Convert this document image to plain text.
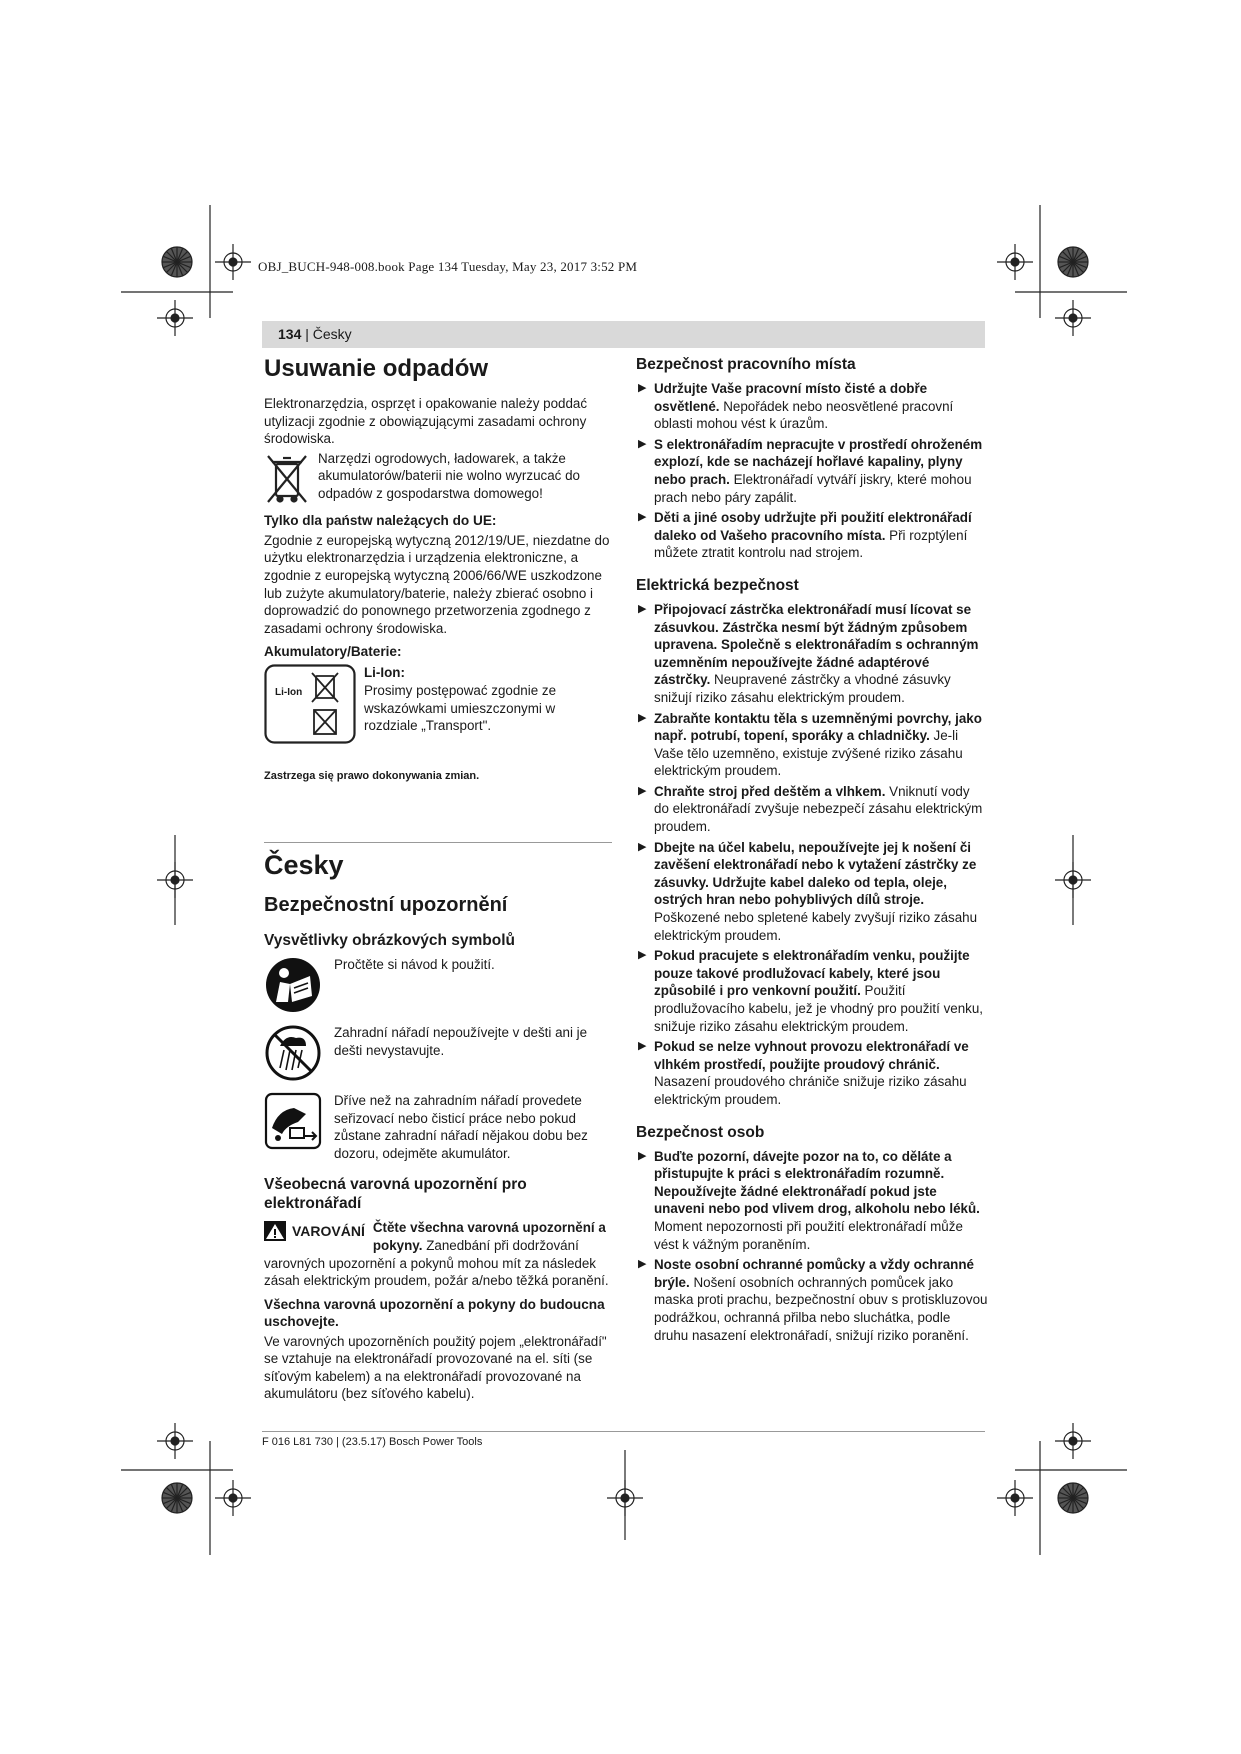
OBJ_BUCH-948-008.book Page 134 Tuesday, May 23, 2017 3:52 PM
134 | Česky
Usuwanie odpadów

Elektronarzędzia, osprzęt i opakowanie należy poddać utylizacji zgodnie z obowiązującymi zasadami ochrony środowiska.

Narzędzi ogrodowych, ładowarek, a także akumulatorów/baterii nie wolno wyrzucać do odpadów z gospodarstwa domowego!

Tylko dla państw należących do UE:

Zgodnie z europejską wytyczną 2012/19/UE, niezdatne do użytku elektronarzędzia i urządzenia elektroniczne, a zgodnie z europejską wytyczną 2006/66/WE uszkodzone lub zużyte akumulatory/baterie, należy zbierać osobno i doprowadzić do ponownego przetworzenia zgodnego z zasadami ochrony środowiska.

Akumulatory/Baterie:
Li-Ion:

Prosimy postępować zgodnie ze wskazówkami umieszczonymi w rozdziale „Transport".

Li-Ion
Zastrzega się prawo dokonywania zmian.
Česky
Bezpečnostní upozornění
Vysvětlivky obrázkových symbolů

Pročtěte si návod k použití.

Zahradní nářadí nepoužívejte v dešti ani je dešti nevystavujte.

Dříve než na zahradním nářadí provedete seřizovací nebo čisticí práce nebo pokud zůstane zahradní nářadí nějakou dobu bez dozoru, odejměte akumulátor.

Všeobecná varovná upozornění pro elektronářadí
VAROVÁNÍ Čtěte všechna varovná upozornění a pokyny. Zanedbání při dodržování varovných upozornění a pokynů mohou mít za následek zásah elektrickým proudem, požár a/nebo těžká poranění.
Všechna varovná upozornění a pokyny do budoucna uschovejte.

Ve varovných upozorněních použitý pojem „elektronářadí" se vztahuje na elektronářadí provozované na el. síti (se síťovým kabelem) a na elektronářadí provozované na akumulátoru (bez síťového kabelu).

Bezpečnost pracovního místa

▶ Udržujte Vaše pracovní místo čisté a dobře osvětlené. Nepořádek nebo neosvětlené pracovní oblasti mohou vést k úrazům.

▶ S elektronářadím nepracujte v prostředí ohroženém explozí, kde se nacházejí hořlavé kapaliny, plyny nebo prach. Elektronářadí vytváří jiskry, které mohou prach nebo páry zapálit.

▶ Děti a jiné osoby udržujte při použití elektronářadí daleko od Vašeho pracovního místa. Při rozptýlení můžete ztratit kontrolu nad strojem.

Elektrická bezpečnost

▶ Připojovací zástrčka elektronářadí musí lícovat se zásuvkou. Zástrčka nesmí být žádným způsobem upravena. Společně s elektronářadím s ochranným uzemněním nepoužívejte žádné adaptérové zástrčky. Neupravené zástrčky a vhodné zásuvky snižují riziko zásahu elektrickým proudem.

▶ Zabraňte kontaktu těla s uzemněnými povrchy, jako např. potrubí, topení, sporáky a chladničky. Je-li Vaše tělo uzemněno, existuje zvýšené riziko zásahu elektrickým proudem.

▶ Chraňte stroj před deštěm a vlhkem. Vniknutí vody do elektronářadí zvyšuje nebezpečí zásahu elektrickým proudem.

▶ Dbejte na účel kabelu, nepoužívejte jej k nošení či zavěšení elektronářadí nebo k vytažení zástrčky ze zásuvky. Udržujte kabel daleko od tepla, oleje, ostrých hran nebo pohyblivých dílů stroje. Poškozené nebo spletené kabely zvyšují riziko zásahu elektrickým proudem.

▶ Pokud pracujete s elektronářadím venku, použijte pouze takové prodlužovací kabely, které jsou způsobilé i pro venkovní použití. Použití prodlužovacího kabelu, jež je vhodný pro použití venku, snižuje riziko zásahu elektrickým proudem.

▶ Pokud se nelze vyhnout provozu elektronářadí ve vlhkém prostředí, použijte proudový chránič. Nasazení proudového chrániče snižuje riziko zásahu elektrickým proudem.

Bezpečnost osob

▶ Buďte pozorní, dávejte pozor na to, co děláte a přistupujte k práci s elektronářadím rozumně. Nepoužívejte žádné elektronářadí pokud jste unaveni nebo pod vlivem drog, alkoholu nebo léků. Moment nepozornosti při použití elektronářadí může vést k vážným poraněním.

▶ Noste osobní ochranné pomůcky a vždy ochranné brýle. Nošení osobních ochranných pomůcek jako maska proti prachu, bezpečnostní obuv s protiskluzovou podrážkou, ochranná přilba nebo sluchátka, podle druhu nasazení elektronářadí, snižují riziko poranění.

F 016 L81 730 | (23.5.17) Bosch Power Tools
